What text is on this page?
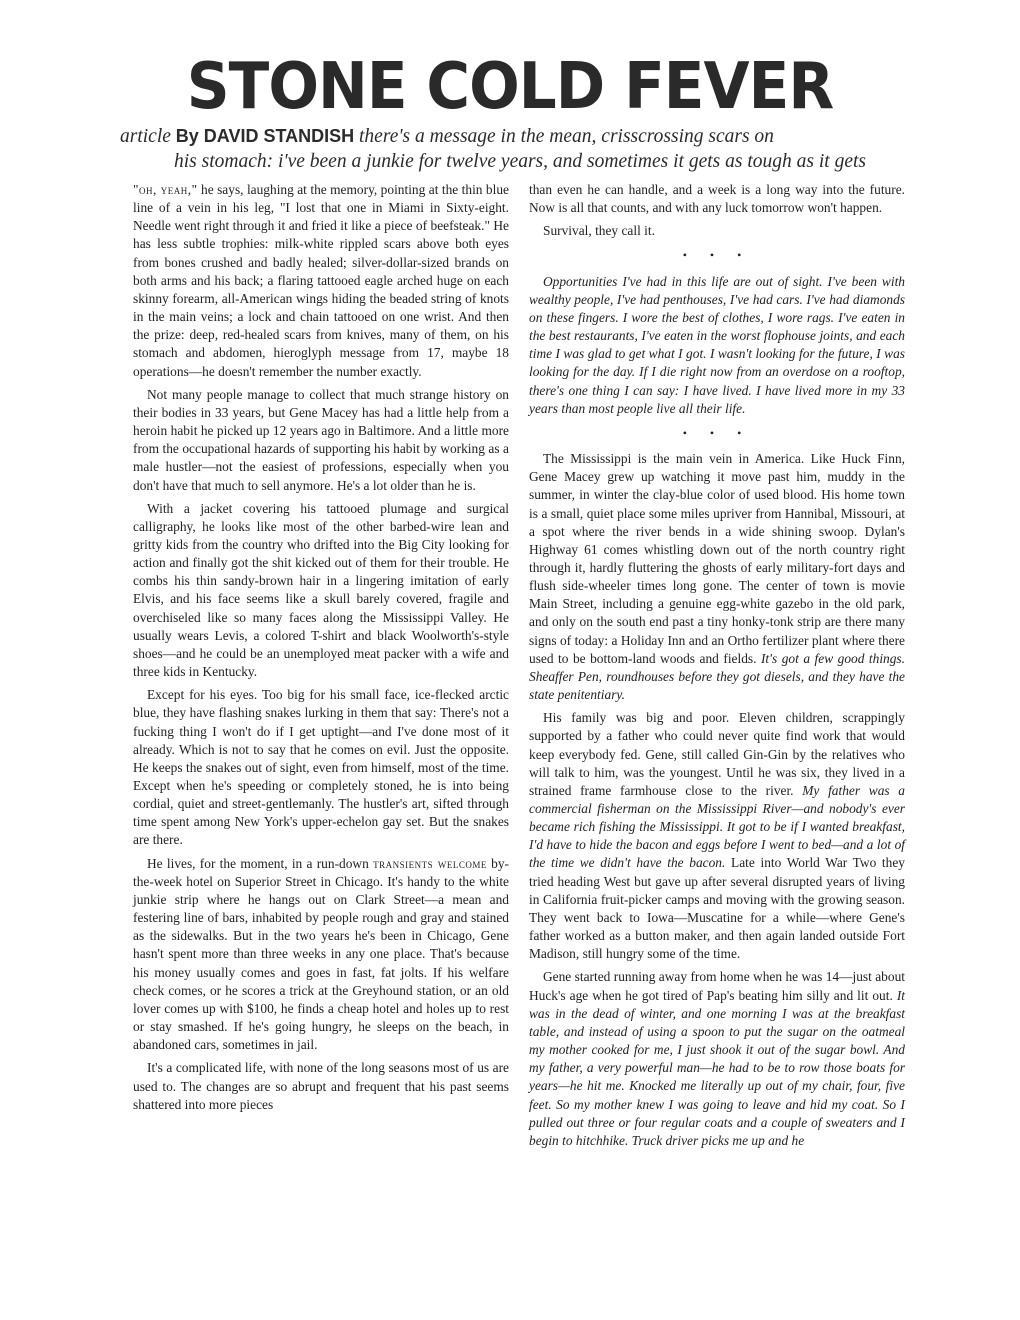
STONE COLD FEVER
article By DAVID STANDISH there's a message in the mean, crisscrossing scars on
his stomach: i've been a junkie for twelve years, and sometimes it gets as tough as it gets

"oh, yeah," he says, laughing at the memory, pointing at the thin blue line of a vein in his leg, "I lost that one in Miami in Sixty-eight. Needle went right through it and fried it like a piece of beefsteak." He has less subtle trophies: milk-white rippled scars above both eyes from bones crushed and badly healed; silver-dollar-sized brands on both arms and his back; a flaring tattooed eagle arched huge on each skinny forearm, all-American wings hiding the beaded string of knots in the main veins; a lock and chain tattooed on one wrist. And then the prize: deep, red-healed scars from knives, many of them, on his stomach and abdomen, hieroglyph message from 17, maybe 18 operations—he doesn't remember the number exactly.

Not many people manage to collect that much strange history on their bodies in 33 years, but Gene Macey has had a little help from a heroin habit he picked up 12 years ago in Baltimore. And a little more from the occupational hazards of supporting his habit by working as a male hustler—not the easiest of professions, especially when you don't have that much to sell anymore. He's a lot older than he is.

With a jacket covering his tattooed plumage and surgical calligraphy, he looks like most of the other barbed-wire lean and gritty kids from the country who drifted into the Big City looking for action and finally got the shit kicked out of them for their trouble. He combs his thin sandy-brown hair in a lingering imitation of early Elvis, and his face seems like a skull barely covered, fragile and overchiseled like so many faces along the Mississippi Valley. He usually wears Levis, a colored T-shirt and black Woolworth's-style shoes—and he could be an unemployed meat packer with a wife and three kids in Kentucky.

Except for his eyes. Too big for his small face, ice-flecked arctic blue, they have flashing snakes lurking in them that say: There's not a fucking thing I won't do if I get uptight—and I've done most of it already. Which is not to say that he comes on evil. Just the opposite. He keeps the snakes out of sight, even from himself, most of the time. Except when he's speeding or completely stoned, he is into being cordial, quiet and street-gentlemanly. The hustler's art, sifted through time spent among New York's upper-echelon gay set. But the snakes are there.

He lives, for the moment, in a run-down transients welcome by-the-week hotel on Superior Street in Chicago. It's handy to the white junkie strip where he hangs out on Clark Street—a mean and festering line of bars, inhabited by people rough and gray and stained as the sidewalks. But in the two years he's been in Chicago, Gene hasn't spent more than three weeks in any one place. That's because his money usually comes and goes in fast, fat jolts. If his welfare check comes, or he scores a trick at the Greyhound station, or an old lover comes up with $100, he finds a cheap hotel and holes up to rest or stay smashed. If he's going hungry, he sleeps on the beach, in abandoned cars, sometimes in jail.

It's a complicated life, with none of the long seasons most of us are used to. The changes are so abrupt and frequent that his past seems shattered into more pieces

than even he can handle, and a week is a long way into the future. Now is all that counts, and with any luck tomorrow won't happen.

Survival, they call it.

• • •

Opportunities I've had in this life are out of sight. I've been with wealthy people, I've had penthouses, I've had cars. I've had diamonds on these fingers. I wore the best of clothes, I wore rags. I've eaten in the best restaurants, I've eaten in the worst flophouse joints, and each time I was glad to get what I got. I wasn't looking for the future, I was looking for the day. If I die right now from an overdose on a rooftop, there's one thing I can say: I have lived. I have lived more in my 33 years than most people live all their life.

• • •

The Mississippi is the main vein in America. Like Huck Finn, Gene Macey grew up watching it move past him, muddy in the summer, in winter the clay-blue color of used blood. His home town is a small, quiet place some miles upriver from Hannibal, Missouri, at a spot where the river bends in a wide shining swoop. Dylan's Highway 61 comes whistling down out of the north country right through it, hardly fluttering the ghosts of early military-fort days and flush side-wheeler times long gone. The center of town is movie Main Street, including a genuine egg-white gazebo in the old park, and only on the south end past a tiny honky-tonk strip are there many signs of today: a Holiday Inn and an Ortho fertilizer plant where there used to be bottom-land woods and fields. It's got a few good things. Sheaffer Pen, roundhouses before they got diesels, and they have the state penitentiary.

His family was big and poor. Eleven children, scrappingly supported by a father who could never quite find work that would keep everybody fed. Gene, still called Gin-Gin by the relatives who will talk to him, was the youngest. Until he was six, they lived in a strained frame farmhouse close to the river. My father was a commercial fisherman on the Mississippi River—and nobody's ever became rich fishing the Mississippi. It got to be if I wanted breakfast, I'd have to hide the bacon and eggs before I went to bed—and a lot of the time we didn't have the bacon. Late into World War Two they tried heading West but gave up after several disrupted years of living in California fruit-picker camps and moving with the growing season. They went back to Iowa—Muscatine for a while—where Gene's father worked as a button maker, and then again landed outside Fort Madison, still hungry some of the time.

Gene started running away from home when he was 14—just about Huck's age when he got tired of Pap's beating him silly and lit out. It was in the dead of winter, and one morning I was at the breakfast table, and instead of using a spoon to put the sugar on the oatmeal my mother cooked for me, I just shook it out of the sugar bowl. And my father, a very powerful man—he had to be to row those boats for years—he hit me. Knocked me literally up out of my chair, four, five feet. So my mother knew I was going to leave and hid my coat. So I pulled out three or four regular coats and a couple of sweaters and I begin to hitchhike. Truck driver picks me up and he
